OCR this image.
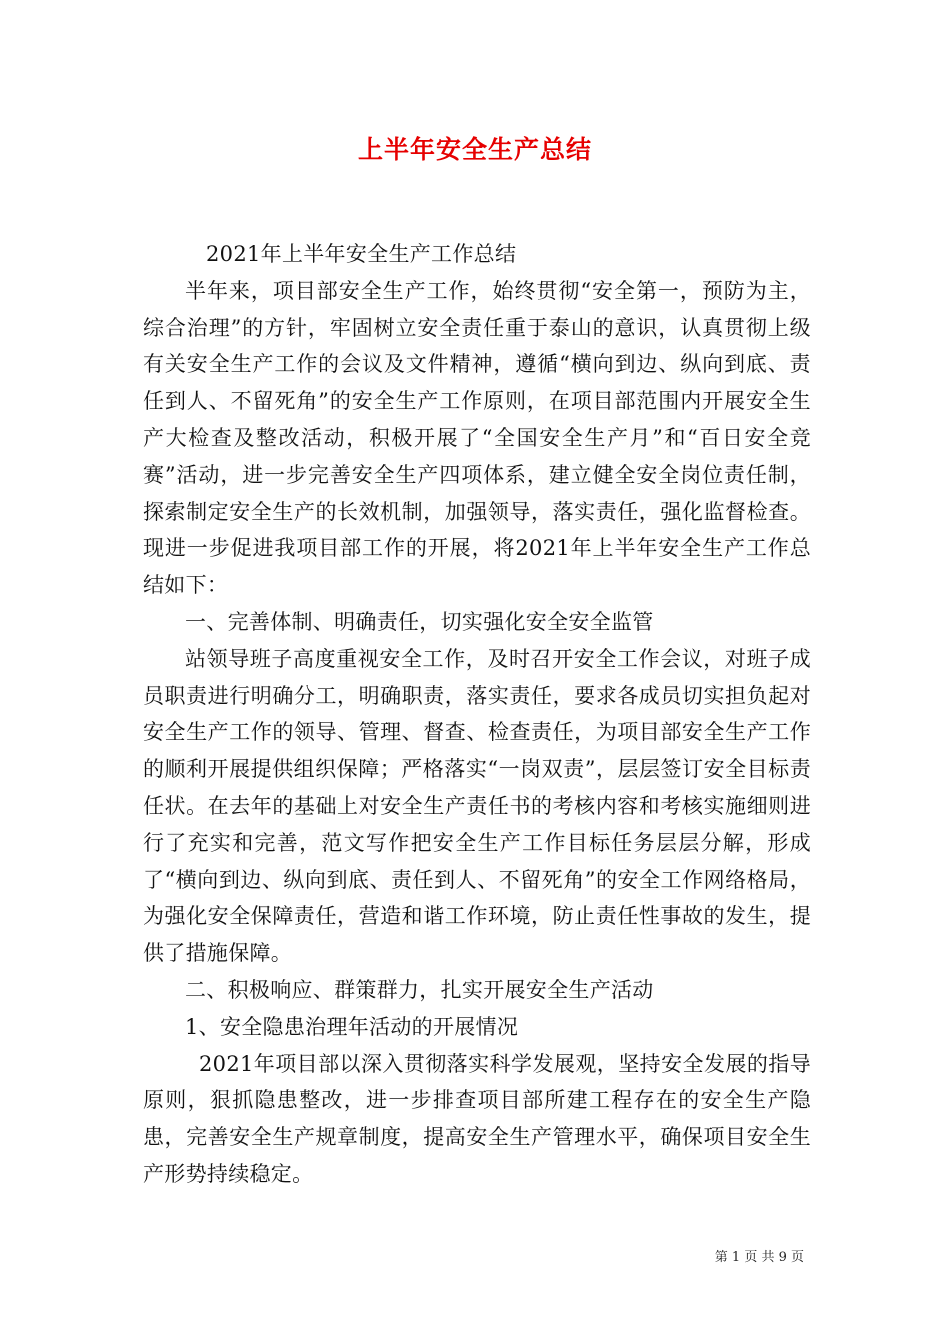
上半年安全生产总结

2021年上半年安全生产工作总结

半年来，项目部安全生产工作，始终贯彻“安全第一，预防为主，综合治理”的方针，牢固树立安全责任重于泰山的意识，认真贯彻上级有关安全生产工作的会议及文件精神，遵循“横向到边、纵向到底、责任到人、不留死角”的安全生产工作原则，在项目部范围内开展安全生产大检查及整改活动，积极开展了“全国安全生产月”和“百日安全竞赛”活动，进一步完善安全生产四项体系，建立健全安全岗位责任制，探索制定安全生产的长效机制，加强领导，落实责任，强化监督检查。现进一步促进我项目部工作的开展，将2021年上半年安全生产工作总结如下：

一、完善体制、明确责任，切实强化安全安全监管

站领导班子高度重视安全工作，及时召开安全工作会议，对班子成员职责进行明确分工，明确职责，落实责任，要求各成员切实担负起对安全生产工作的领导、管理、督查、检查责任，为项目部安全生产工作的顺利开展提供组织保障；严格落实“一岗双责”，层层签订安全目标责任状。在去年的基础上对安全生产责任书的考核内容和考核实施细则进行了充实和完善，范文写作把安全生产工作目标任务层层分解，形成了“横向到边、纵向到底、责任到人、不留死角”的安全工作网络格局，为强化安全保障责任，营造和谐工作环境，防止责任性事故的发生，提供了措施保障。

二、积极响应、群策群力，扎实开展安全生产活动

1、安全隐患治理年活动的开展情况

2021年项目部以深入贯彻落实科学发展观，坚持安全发展的指导原则，狠抓隐患整改，进一步排查项目部所建工程存在的安全生产隐患，完善安全生产规章制度，提高安全生产管理水平，确保项目安全生产形势持续稳定。

第 1 页 共 9 页
